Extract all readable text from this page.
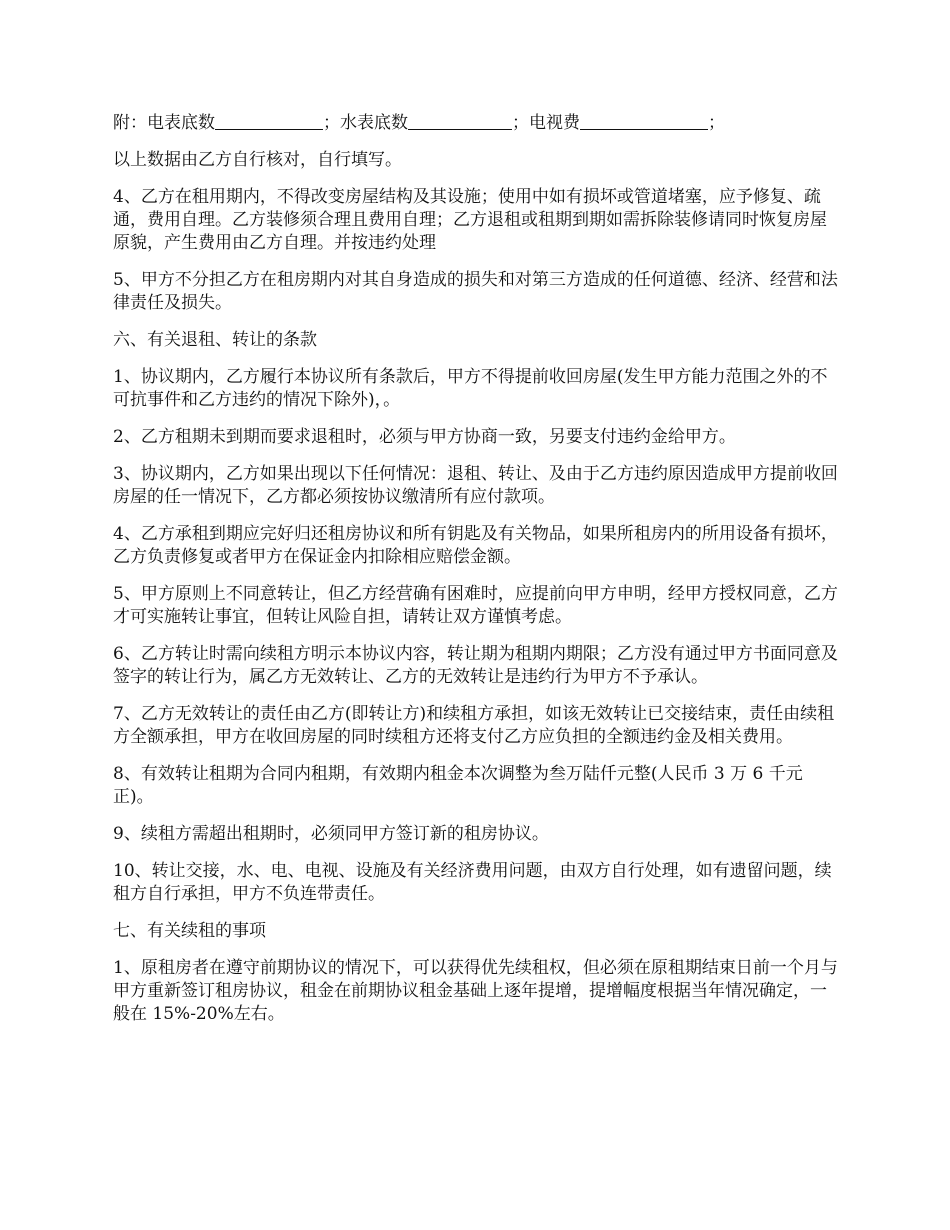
附：电表底数	；水表底数	；电视费	；

以上数据由乙方自行核对，自行填写。

4、乙方在租用期内，不得改变房屋结构及其设施；使用中如有损坏或管道堵塞，应予修复、疏通，费用自理。乙方装修须合理且费用自理；乙方退租或租期到期如需拆除装修请同时恢复房屋原貌，产生费用由乙方自理。并按违约处理

5、甲方不分担乙方在租房期内对其自身造成的损失和对第三方造成的任何道德、经济、经营和法律责任及损失。

六、有关退租、转让的条款

1、协议期内，乙方履行本协议所有条款后，甲方不得提前收回房屋(发生甲方能力范围之外的不可抗事件和乙方违约的情况下除外)，。

2、乙方租期未到期而要求退租时，必须与甲方协商一致，另要支付违约金给甲方。

3、协议期内，乙方如果出现以下任何情况：退租、转让、及由于乙方违约原因造成甲方提前收回房屋的任一情况下，乙方都必须按协议缴清所有应付款项。

4、乙方承租到期应完好归还租房协议和所有钥匙及有关物品，如果所租房内的所用设备有损坏，乙方负责修复或者甲方在保证金内扣除相应赔偿金额。

5、甲方原则上不同意转让，但乙方经营确有困难时，应提前向甲方申明，经甲方授权同意，乙方才可实施转让事宜，但转让风险自担，请转让双方谨慎考虑。

6、乙方转让时需向续租方明示本协议内容，转让期为租期内期限；乙方没有通过甲方书面同意及签字的转让行为，属乙方无效转让、乙方的无效转让是违约行为甲方不予承认。

7、乙方无效转让的责任由乙方(即转让方)和续租方承担，如该无效转让已交接结束，责任由续租方全额承担，甲方在收回房屋的同时续租方还将支付乙方应负担的全额违约金及相关费用。

8、有效转让租期为合同内租期，有效期内租金本次调整为叁万陆仟元整(人民币 3 万 6 千元正)。

9、续租方需超出租期时，必须同甲方签订新的租房协议。

10、转让交接，水、电、电视、设施及有关经济费用问题，由双方自行处理，如有遗留问题，续租方自行承担，甲方不负连带责任。

七、有关续租的事项

1、原租房者在遵守前期协议的情况下，可以获得优先续租权，但必须在原租期结束日前一个月与甲方重新签订租房协议，租金在前期协议租金基础上逐年提增，提增幅度根据当年情况确定，一般在 15%-20%左右。
